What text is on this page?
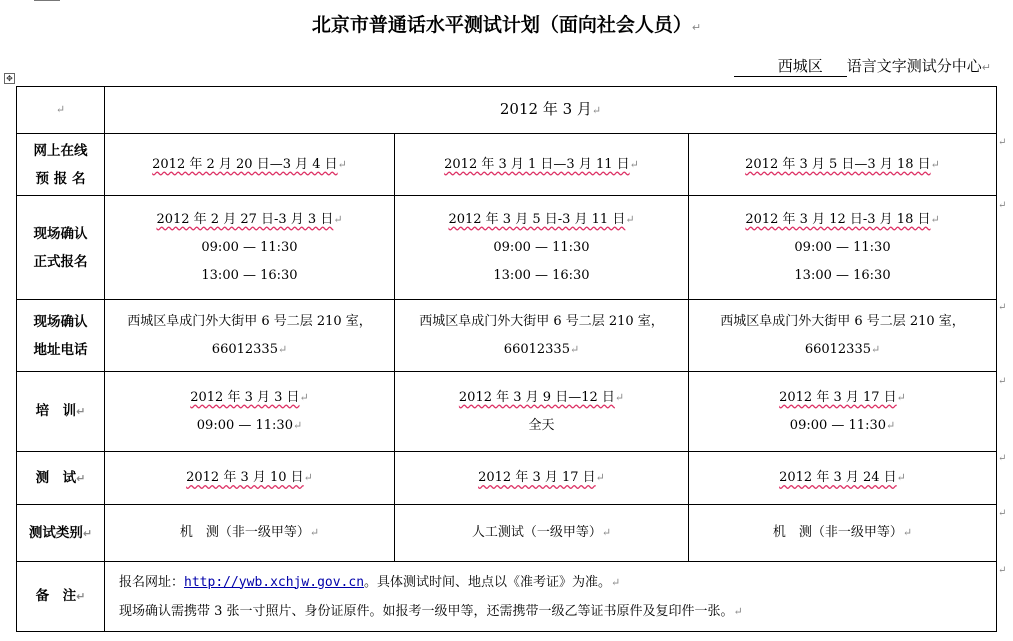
北京市普通话水平测试计划（面向社会人员）↵
西城区 语言文字测试分中心↵
✥
↵	2012 年 3 月↵		

网上在线
预 报 名	2012 年 2 月 20 日—3 月 4 日↵	2012 年 3 月 1 日—3 月 11 日↵	2012 年 3 月 5 日—3 月 18 日↵

现场确认
正式报名	2012 年 2 月 27 日-3 月 3 日↵
09:00 — 11:30
13:00 — 16:30	2012 年 3 月 5 日-3 月 11 日↵
09:00 — 11:30
13:00 — 16:30	2012 年 3 月 12 日-3 月 18 日↵
09:00 — 11:30
13:00 — 16:30

现场确认
地址电话	西城区阜成门外大街甲 6 号二层 210 室，
66012335↵	西城区阜成门外大街甲 6 号二层 210 室，
66012335↵	西城区阜成门外大街甲 6 号二层 210 室，
66012335↵

培　训↵	2012 年 3 月 3 日↵
09:00 — 11:30↵	2012 年 3 月 9 日—12 日↵
全天	2012 年 3 月 17 日↵
09:00 — 11:30↵

测　试↵	2012 年 3 月 10 日↵	2012 年 3 月 17 日↵	2012 年 3 月 24 日↵
测试类别↵	机　测（非一级甲等）↵	人工测试（一级甲等）↵	机　测（非一级甲等）↵
备　注↵	报名网址：http://ywb.xchjw.gov.cn。具体测试时间、地点以《准考证》为准。↵
现场确认需携带 3 张一寸照片、身份证原件。如报考一级甲等，还需携带一级乙等证书原件及复印件一张。↵		
↵
↵
↵
↵
↵
↵
↵
